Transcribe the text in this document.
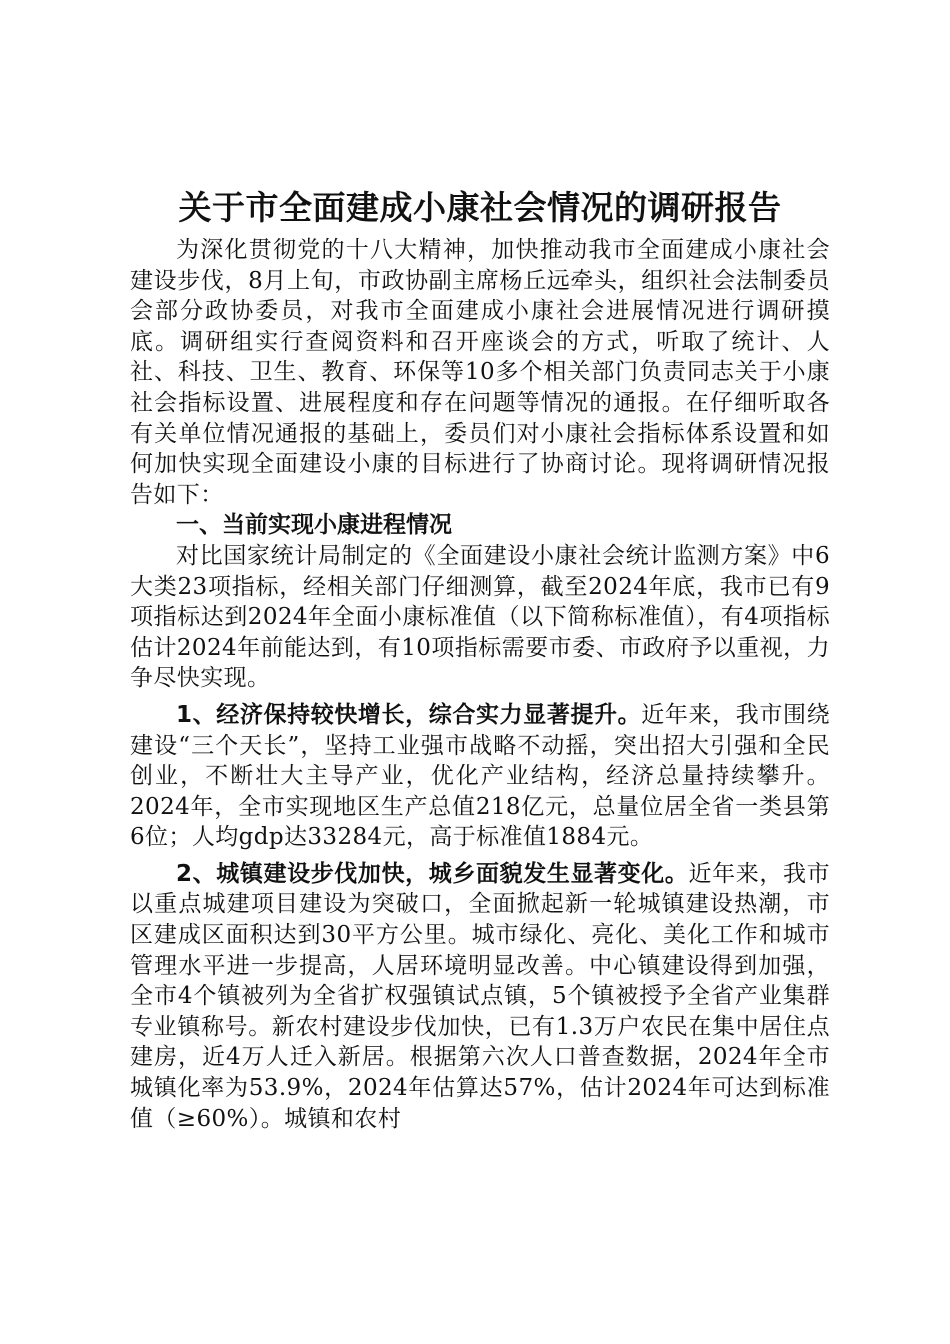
关于市全面建成小康社会情况的调研报告

为深化贯彻党的十八大精神，加快推动我市全面建成小康社会建设步伐，8月上旬，市政协副主席杨丘远牵头，组织社会法制委员会部分政协委员，对我市全面建成小康社会进展情况进行调研摸底。调研组实行查阅资料和召开座谈会的方式，听取了统计、人社、科技、卫生、教育、环保等10多个相关部门负责同志关于小康社会指标设置、进展程度和存在问题等情况的通报。在仔细听取各有关单位情况通报的基础上，委员们对小康社会指标体系设置和如何加快实现全面建设小康的目标进行了协商讨论。现将调研情况报告如下：

一、当前实现小康进程情况

对比国家统计局制定的《全面建设小康社会统计监测方案》中6大类23项指标，经相关部门仔细测算，截至2024年底，我市已有9项指标达到2024年全面小康标准值（以下简称标准值），有4项指标估计2024年前能达到，有10项指标需要市委、市政府予以重视，力争尽快实现。

1、经济保持较快增长，综合实力显著提升。近年来，我市围绕建设“三个天长”，坚持工业强市战略不动摇，突出招大引强和全民创业，不断壮大主导产业，优化产业结构，经济总量持续攀升。2024年，全市实现地区生产总值218亿元，总量位居全省一类县第6位；人均gdp达33284元，高于标准值1884元。

2、城镇建设步伐加快，城乡面貌发生显著变化。近年来，我市以重点城建项目建设为突破口，全面掀起新一轮城镇建设热潮，市区建成区面积达到30平方公里。城市绿化、亮化、美化工作和城市管理水平进一步提高，人居环境明显改善。中心镇建设得到加强，全市4个镇被列为全省扩权强镇试点镇，5个镇被授予全省产业集群专业镇称号。新农村建设步伐加快，已有1.3万户农民在集中居住点建房，近4万人迁入新居。根据第六次人口普查数据，2024年全市城镇化率为53.9%，2024年估算达57%，估计2024年可达到标准值（≥60%）。城镇和农村
